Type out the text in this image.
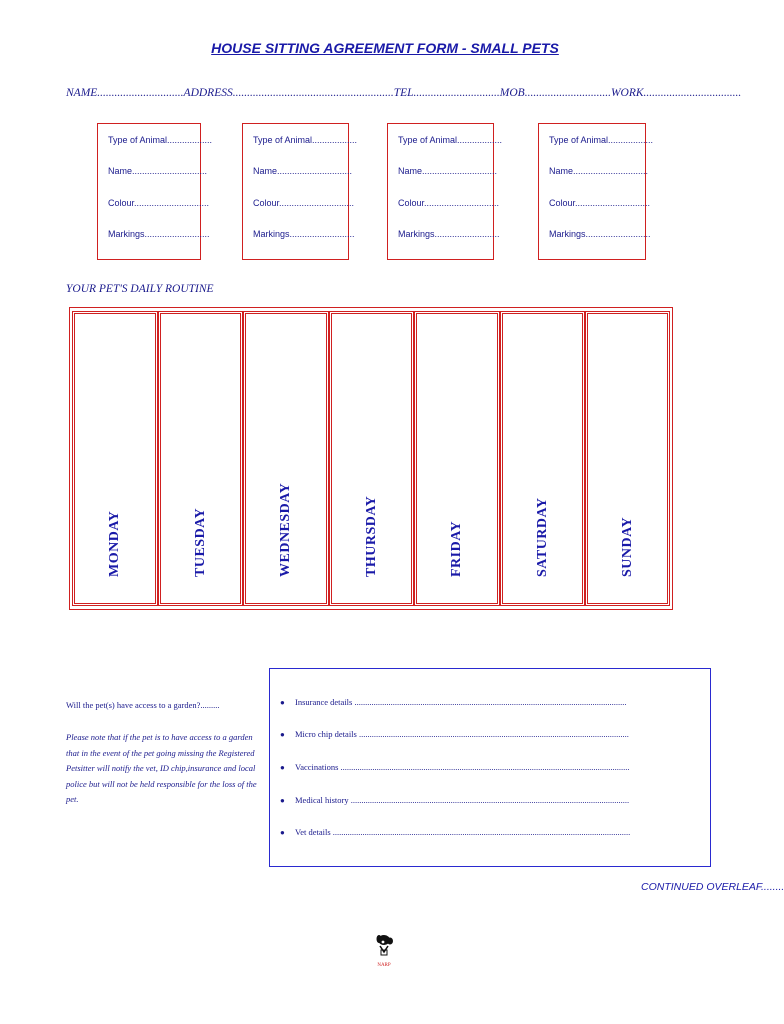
HOUSE SITTING AGREEMENT FORM - SMALL PETS
NAME..............................ADDRESS........................................................TEL..............................MOB..............................WORK..................................
Type of Animal..................
Name..............................
Colour..............................
Markings..........................
Type of Animal..................
Name..............................
Colour..............................
Markings..........................
Type of Animal..................
Name..............................
Colour..............................
Markings..........................
Type of Animal..................
Name..............................
Colour..............................
Markings..........................
YOUR PET'S DAILY ROUTINE
MONDAY	TUESDAY	WEDNESDAY	THURSDAY	FRIDAY	SATURDAY	SUNDAY
Will the pet(s) have access to a garden?.........
Please note that if the pet is to have access to a garden that in the event of the pet going missing the Registered Petsitter will notify the vet, ID chip,insurance and local police but will not be held responsible for the loss of the pet.
● Insurance details ................................................................................................................................
● Micro chip details ...............................................................................................................................
● Vaccinations ........................................................................................................................................
● Medical history ...................................................................................................................................
● Vet details ............................................................................................................................................
CONTINUED OVERLEAF........
NARP
